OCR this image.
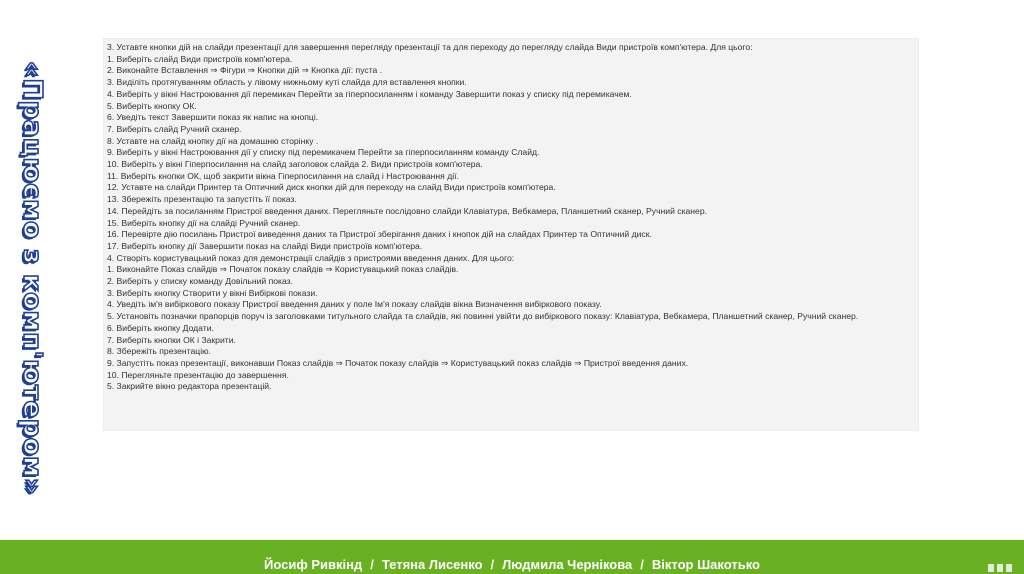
«Працюємо з комп'ютером»
3. Уставте кнопки дій на слайди презентації для завершення перегляду презентації та для переходу до перегляду слайда Види пристроїв комп'ютера. Для цього:
1. Виберіть слайд Види пристроїв комп'ютера.
2. Виконайте Вставлення ⇒ Фігури ⇒ Кнопки дій ⇒ Кнопка дії: пуста .
3. Виділіть протягуванням область у лівому нижньому куті слайда для вставлення кнопки.
4. Виберіть у вікні Настроювання дії перемикач Перейти за гіперпосиланням і команду Завершити показ у списку під перемикачем.
5. Виберіть кнопку ОК.
6. Уведіть текст Завершити показ як напис на кнопці.
7. Виберіть слайд Ручний сканер.
8. Уставте на слайд кнопку дії на домашню сторінку .
9. Виберіть у вікні Настроювання дії у списку під перемикачем Перейти за гіперпосиланням команду Слайд.
10. Виберіть у вікні Гіперпосилання на слайд заголовок слайда 2. Види пристроїв комп'ютера.
11. Виберіть кнопки ОК, щоб закрити вікна Гіперпосилання на слайд і Настроювання дії.
12. Уставте на слайди Принтер та Оптичний диск кнопки дій для переходу на слайд Види пристроїв комп'ютера.
13. Збережіть презентацію та запустіть її показ.
14. Перейдіть за посиланням Пристрої введення даних. Перегляньте послідовно слайди Клавіатура, Вебкамера, Планшетний сканер, Ручний сканер.
15. Виберіть кнопку дії на слайді Ручний сканер.
16. Перевірте дію посилань Пристрої виведення даних та Пристрої зберігання даних і кнопок дій на слайдах Принтер та Оптичний диск.
17. Виберіть кнопку дії Завершити показ на слайді Види пристроїв комп'ютера.
4. Створіть користувацький показ для демонстрації слайдів з пристроями введення даних. Для цього:
1. Виконайте Показ слайдів ⇒ Початок показу слайдів ⇒ Користувацький показ слайдів.
2. Виберіть у списку команду Довільний показ.
3. Виберіть кнопку Створити у вікні Вибіркові покази.
4. Уведіть ім'я вибіркового показу Пристрої введення даних у поле Ім'я показу слайдів вікна Визначення вибіркового показу.
5. Установіть позначки прапорців поруч із заголовками титульного слайда та слайдів, які повинні увійти до вибіркового показу: Клавіатура, Вебкамера, Планшетний сканер, Ручний сканер.
6. Виберіть кнопку Додати.
7. Виберіть кнопки ОК і Закрити.
8. Збережіть презентацію.
9. Запустіть показ презентації, виконавши Показ слайдів ⇒ Початок показу слайдів ⇒ Користувацький показ слайдів ⇒ Пристрої введення даних.
10. Перегляньте презентацію до завершення.
5. Закрийте вікно редактора презентацій.
Йосиф Ривкінд / Тетяна Лисенко / Людмила Чернікова / Віктор Шакотько
